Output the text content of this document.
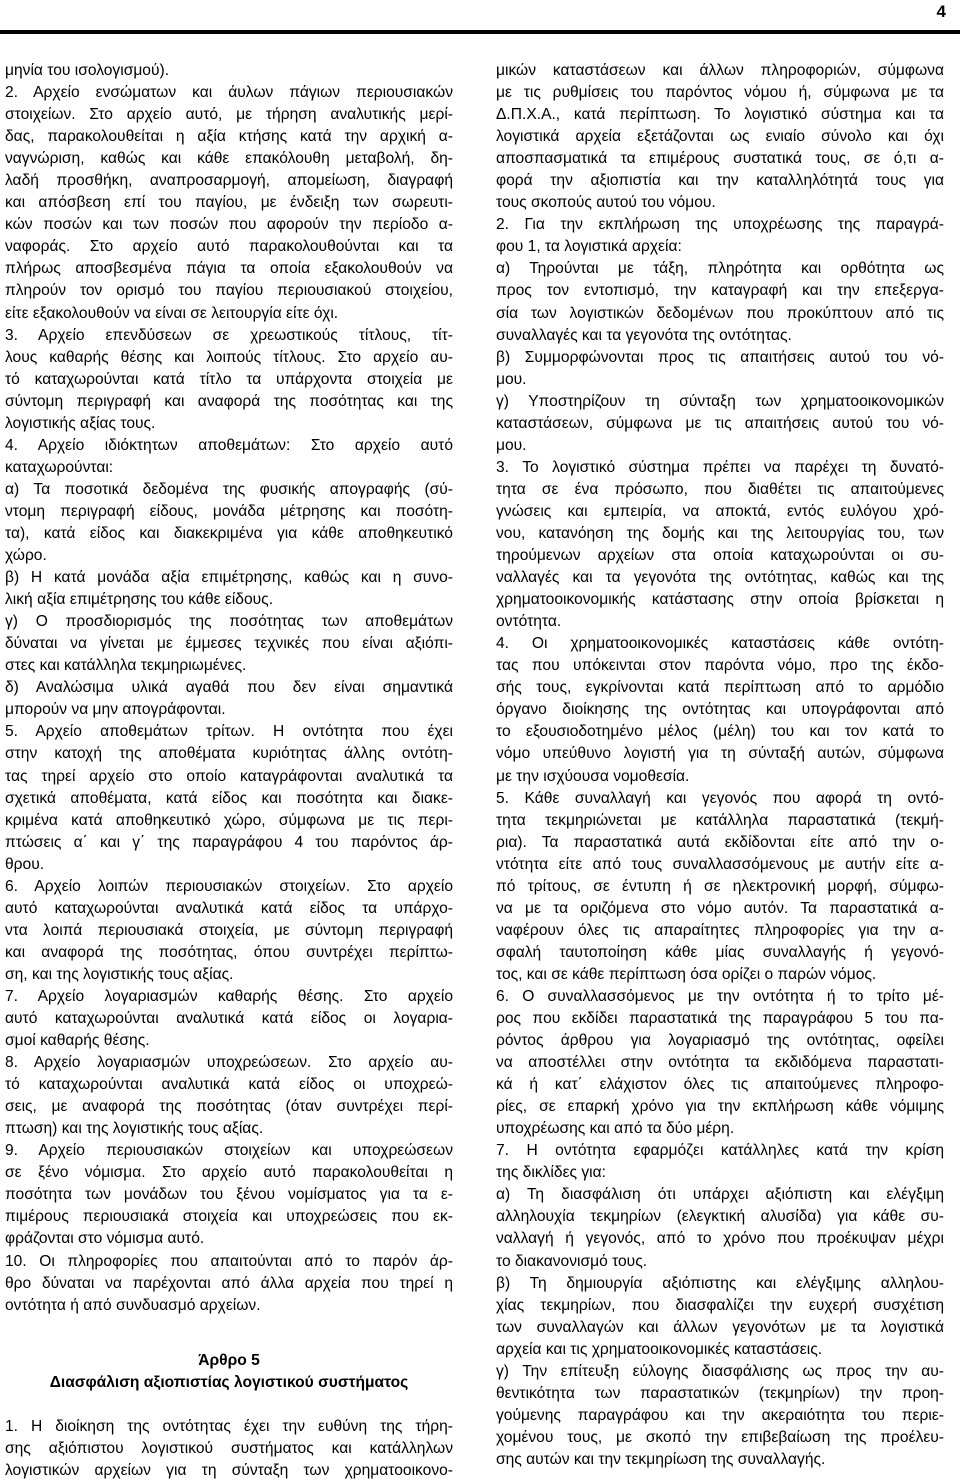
4
μηνία του ισολογισμού).
2. Αρχείο ενσώματων και άυλων πάγιων περιουσιακών
στοιχείων. Στο αρχείο αυτό, με τήρηση αναλυτικής μερί-
δας, παρακολουθείται η αξία κτήσης κατά την αρχική α-
ναγνώριση, καθώς και κάθε επακόλουθη μεταβολή, δη-
λαδή προσθήκη, αναπροσαρμογή, απομείωση, διαγραφή
και απόσβεση επί του παγίου, με ένδειξη των σωρευτι-
κών ποσών και των ποσών που αφορούν την περίοδο α-
ναφοράς. Στο αρχείο αυτό παρακολουθούνται και τα
πλήρως αποσβεσμένα πάγια τα οποία εξακολουθούν να
πληρούν τον ορισμό του παγίου περιουσιακού στοιχείου,
είτε εξακολουθούν να είναι σε λειτουργία είτε όχι.
3. Αρχείο επενδύσεων σε χρεωστικούς τίτλους, τίτ-
λους καθαρής θέσης και λοιπούς τίτλους. Στο αρχείο αυ-
τό καταχωρούνται κατά τίτλο τα υπάρχοντα στοιχεία με
σύντομη περιγραφή και αναφορά της ποσότητας και της
λογιστικής αξίας τους.
4. Αρχείο ιδιόκτητων αποθεμάτων: Στο αρχείο αυτό
καταχωρούνται:
α) Τα ποσοτικά δεδομένα της φυσικής απογραφής (σύ-
ντομη περιγραφή είδους, μονάδα μέτρησης και ποσότη-
τα), κατά είδος και διακεκριμένα για κάθε αποθηκευτικό
χώρο.
β) Η κατά μονάδα αξία επιμέτρησης, καθώς και η συνο-
λική αξία επιμέτρησης του κάθε είδους.
γ) Ο προσδιορισμός της ποσότητας των αποθεμάτων
δύναται να γίνεται με έμμεσες τεχνικές που είναι αξιόπι-
στες και κατάλληλα τεκμηριωμένες.
δ) Αναλώσιμα υλικά αγαθά που δεν είναι σημαντικά
μπορούν να μην απογράφονται.
5. Αρχείο αποθεμάτων τρίτων. Η οντότητα που έχει
στην κατοχή της αποθέματα κυριότητας άλλης οντότη-
τας τηρεί αρχείο στο οποίο καταγράφονται αναλυτικά τα
σχετικά αποθέματα, κατά είδος και ποσότητα και διακε-
κριμένα κατά αποθηκευτικό χώρο, σύμφωνα με τις περι-
πτώσεις α΄ και γ΄ της παραγράφου 4 του παρόντος άρ-
θρου.
6. Αρχείο λοιπών περιουσιακών στοιχείων. Στο αρχείο
αυτό καταχωρούνται αναλυτικά κατά είδος τα υπάρχο-
ντα λοιπά περιουσιακά στοιχεία, με σύντομη περιγραφή
και αναφορά της ποσότητας, όπου συντρέχει περίπτω-
ση, και της λογιστικής τους αξίας.
7. Αρχείο λογαριασμών καθαρής θέσης. Στο αρχείο
αυτό καταχωρούνται αναλυτικά κατά είδος οι λογαρια-
σμοί καθαρής θέσης.
8. Αρχείο λογαριασμών υποχρεώσεων. Στο αρχείο αυ-
τό καταχωρούνται αναλυτικά κατά είδος οι υποχρεώ-
σεις, με αναφορά της ποσότητας (όταν συντρέχει περί-
πτωση) και της λογιστικής τους αξίας.
9. Αρχείο περιουσιακών στοιχείων και υποχρεώσεων
σε ξένο νόμισμα. Στο αρχείο αυτό παρακολουθείται η
ποσότητα των μονάδων του ξένου νομίσματος για τα ε-
πιμέρους περιουσιακά στοιχεία και υποχρεώσεις που εκ-
φράζονται στο νόμισμα αυτό.
10. Οι πληροφορίες που απαιτούνται από το παρόν άρ-
θρο δύναται να παρέχονται από άλλα αρχεία που τηρεί η
οντότητα ή από συνδυασμό αρχείων.
Άρθρο 5
Διασφάλιση αξιοπιστίας λογιστικού συστήματος
1. Η διοίκηση της οντότητας έχει την ευθύνη της τήρη-
σης αξιόπιστου λογιστικού συστήματος και κατάλληλων
λογιστικών αρχείων για τη σύνταξη των χρηματοοικονο-
μικών καταστάσεων και άλλων πληροφοριών, σύμφωνα
με τις ρυθμίσεις του παρόντος νόμου ή, σύμφωνα με τα
Δ.Π.Χ.Α., κατά περίπτωση. Το λογιστικό σύστημα και τα
λογιστικά αρχεία εξετάζονται ως ενιαίο σύνολο και όχι
αποσπασματικά τα επιμέρους συστατικά τους, σε ό,τι α-
φορά την αξιοπιστία και την καταλληλότητά τους για
τους σκοπούς αυτού του νόμου.
2. Για την εκπλήρωση της υποχρέωσης της παραγρά-
φου 1, τα λογιστικά αρχεία:
α) Τηρούνται με τάξη, πληρότητα και ορθότητα ως
προς τον εντοπισμό, την καταγραφή και την επεξεργα-
σία των λογιστικών δεδομένων που προκύπτουν από τις
συναλλαγές και τα γεγονότα της οντότητας.
β) Συμμορφώνονται προς τις απαιτήσεις αυτού του νό-
μου.
γ) Υποστηρίζουν τη σύνταξη των χρηματοοικονομικών
καταστάσεων, σύμφωνα με τις απαιτήσεις αυτού του νό-
μου.
3. Το λογιστικό σύστημα πρέπει να παρέχει τη δυνατό-
τητα σε ένα πρόσωπο, που διαθέτει τις απαιτούμενες
γνώσεις και εμπειρία, να αποκτά, εντός ευλόγου χρό-
νου, κατανόηση της δομής και της λειτουργίας του, των
τηρούμενων αρχείων στα οποία καταχωρούνται οι συ-
ναλλαγές και τα γεγονότα της οντότητας, καθώς και της
χρηματοοικονομικής κατάστασης στην οποία βρίσκεται η
οντότητα.
4. Οι χρηματοοικονομικές καταστάσεις κάθε οντότη-
τας που υπόκεινται στον παρόντα νόμο, προ της έκδο-
σής τους, εγκρίνονται κατά περίπτωση από το αρμόδιο
όργανο διοίκησης της οντότητας και υπογράφονται από
το εξουσιοδοτημένο μέλος (μέλη) του και τον κατά το
νόμο υπεύθυνο λογιστή για τη σύνταξή αυτών, σύμφωνα
με την ισχύουσα νομοθεσία.
5. Κάθε συναλλαγή και γεγονός που αφορά τη οντό-
τητα τεκμηριώνεται με κατάλληλα παραστατικά (τεκμή-
ρια). Τα παραστατικά αυτά εκδίδονται είτε από την ο-
ντότητα είτε από τους συναλλασσόμενους με αυτήν είτε α-
πό τρίτους, σε έντυπη ή σε ηλεκτρονική μορφή, σύμφω-
να με τα οριζόμενα στο νόμο αυτόν. Τα παραστατικά α-
ναφέρουν όλες τις απαραίτητες πληροφορίες για την α-
σφαλή ταυτοποίηση κάθε μίας συναλλαγής ή γεγονό-
τος, και σε κάθε περίπτωση όσα ορίζει ο παρών νόμος.
6. Ο συναλλασσόμενος με την οντότητα ή το τρίτο μέ-
ρος που εκδίδει παραστατικά της παραγράφου 5 του πα-
ρόντος άρθρου για λογαριασμό της οντότητας, οφείλει
να αποστέλλει στην οντότητα τα εκδιδόμενα παραστατι-
κά ή κατ΄ ελάχιστον όλες τις απαιτούμενες πληροφο-
ρίες, σε επαρκή χρόνο για την εκπλήρωση κάθε νόμιμης
υποχρέωσης και από τα δύο μέρη.
7. Η οντότητα εφαρμόζει κατάλληλες κατά την κρίση
της δικλίδες για:
α) Τη διασφάλιση ότι υπάρχει αξιόπιστη και ελέγξιμη
αλληλουχία τεκμηρίων (ελεγκτική αλυσίδα) για κάθε συ-
ναλλαγή ή γεγονός, από το χρόνο που προέκυψαν μέχρι
το διακανονισμό τους.
β) Τη δημιουργία αξιόπιστης και ελέγξιμης αλληλου-
χίας τεκμηρίων, που διασφαλίζει την ευχερή συσχέτιση
των συναλλαγών και άλλων γεγονότων με τα λογιστικά
αρχεία και τις χρηματοοικονομικές καταστάσεις.
γ) Την επίτευξη εύλογης διασφάλισης ως προς την αυ-
θεντικότητα των παραστατικών (τεκμηρίων) την προη-
γούμενης παραγράφου και την ακεραιότητα του περιε-
χομένου τους, με σκοπό την επιβεβαίωση της προέλευ-
σης αυτών και την τεκμηρίωση της συναλλαγής.
